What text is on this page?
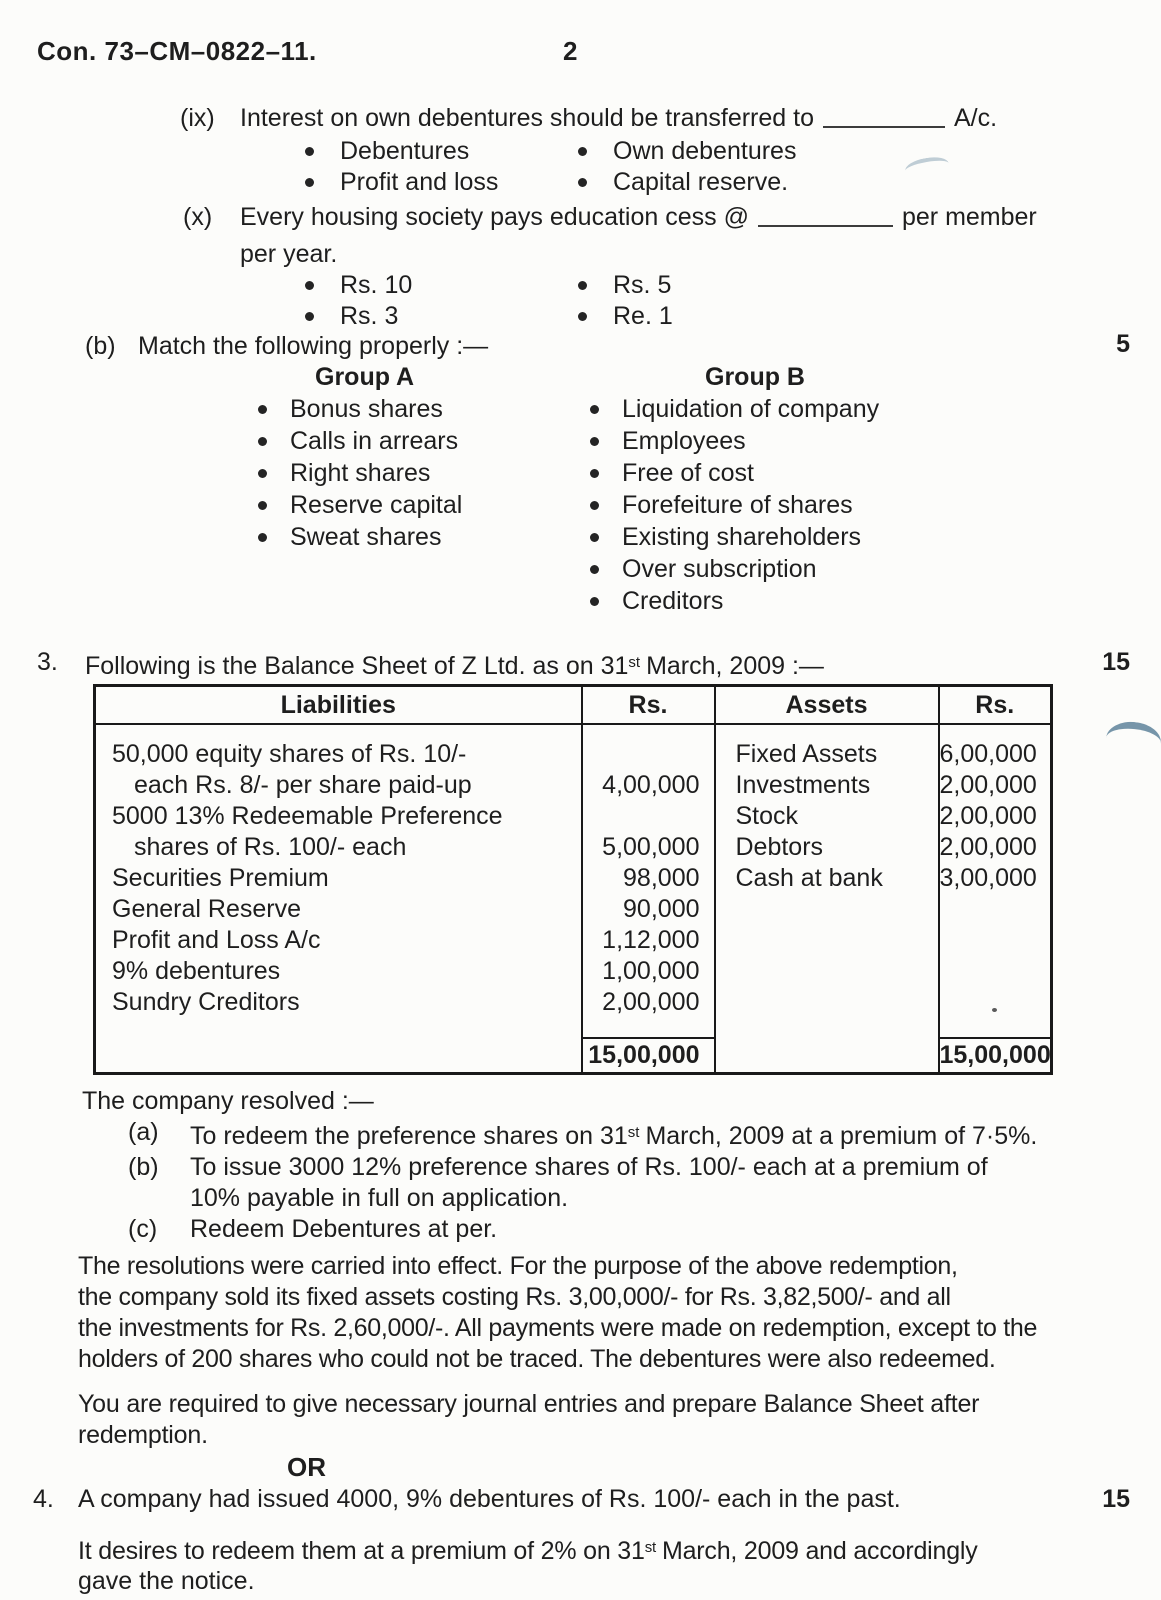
Con. 73–CM–0822–11.	2
(ix)	Interest on own debentures should be transferred to	A/c.
Debentures	Own debentures
Profit and loss	Capital reserve.
(x)	Every housing society pays education cess @	per member
per year.
Rs. 10	Rs. 5
Rs. 3	Re. 1
(b) Match the following properly :—
Group A	Group B
Bonus shares
Calls in arrears
Right shares
Reserve capital
Sweat shares
Liquidation of company
Employees
Free of cost
Forefeiture of shares
Existing shareholders
Over subscription
Creditors
5
3.	Following is the Balance Sheet of Z Ltd. as on 31st March, 2009 :—	15
Liabilities	Rs.	Assets	Rs.
50,000 equity shares of Rs. 10/-		Fixed Assets	6,00,000
each Rs. 8/- per share paid-up	4,00,000	Investments	2,00,000
5000 13% Redeemable Preference		Stock	2,00,000
shares of Rs. 100/- each	5,00,000	Debtors	2,00,000
Securities Premium	98,000	Cash at bank	3,00,000
General Reserve	90,000		
Profit and Loss A/c	1,12,000		
9% debentures	1,00,000		
Sundry Creditors	2,00,000		

	15,00,000		15,00,000
The company resolved :—
(a)	To redeem the preference shares on 31st March, 2009 at a premium of 7·5%.
(b)	To issue 3000 12% preference shares of Rs. 100/- each at a premium of
10% payable in full on application.
(c)	Redeem Debentures at per.
The resolutions were carried into effect. For the purpose of the above redemption,
the company sold its fixed assets costing Rs. 3,00,000/- for Rs. 3,82,500/- and all
the investments for Rs. 2,60,000/-. All payments were made on redemption, except to the
holders of 200 shares who could not be traced. The debentures were also redeemed.
You are required to give necessary journal entries and prepare Balance Sheet after
redemption.
OR
4. A company had issued 4000, 9% debentures of Rs. 100/- each in the past.	15
It desires to redeem them at a premium of 2% on 31st March, 2009 and accordingly
gave the notice.
